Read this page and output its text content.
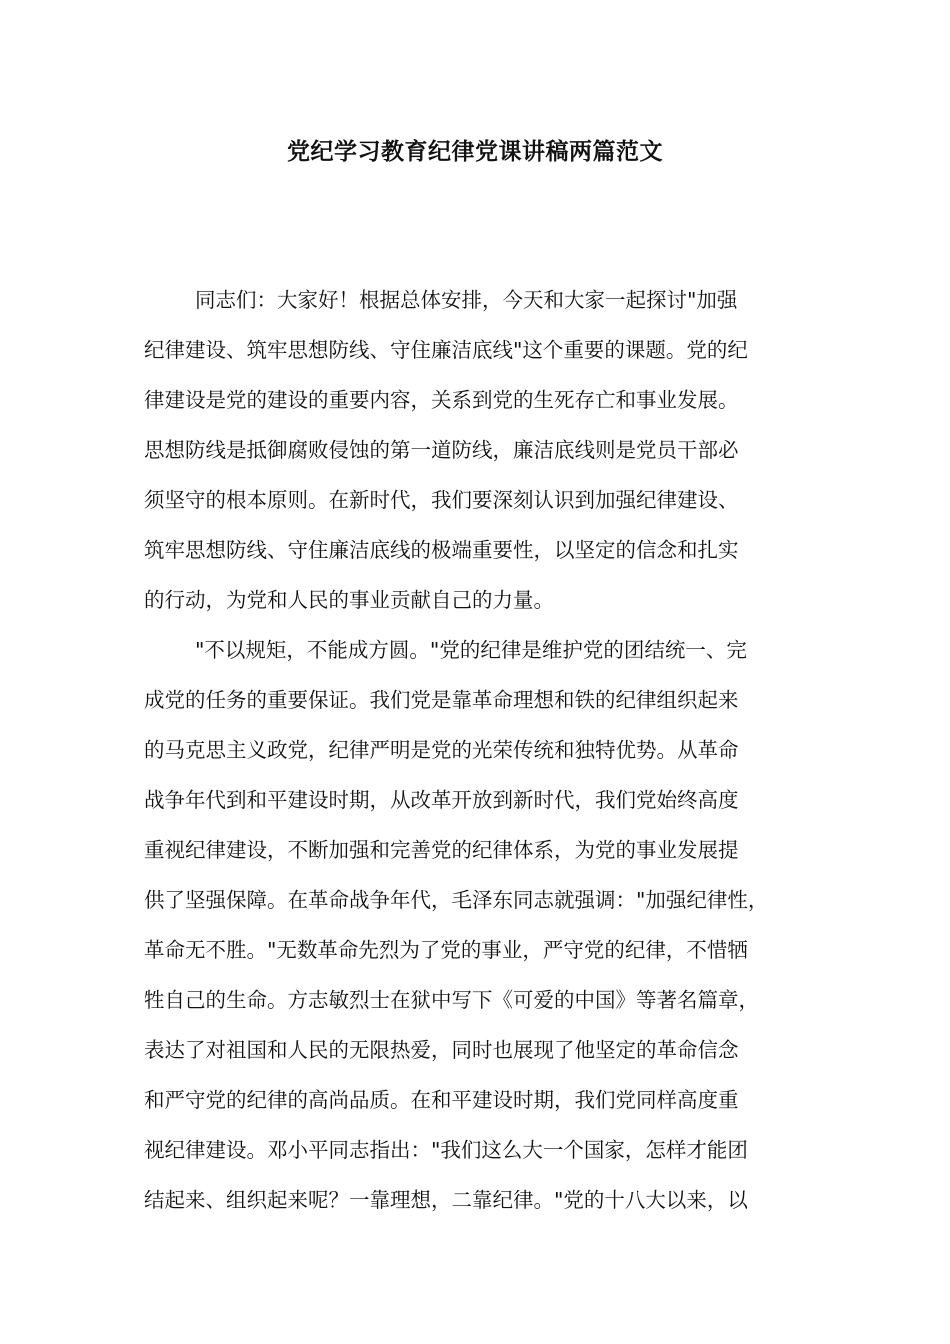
党纪学习教育纪律党课讲稿两篇范文
同志们：大家好！根据总体安排，今天和大家一起探讨"加强
纪律建设、筑牢思想防线、守住廉洁底线"这个重要的课题。党的纪
律建设是党的建设的重要内容，关系到党的生死存亡和事业发展。
思想防线是抵御腐败侵蚀的第一道防线，廉洁底线则是党员干部必
须坚守的根本原则。在新时代，我们要深刻认识到加强纪律建设、
筑牢思想防线、守住廉洁底线的极端重要性，以坚定的信念和扎实
的行动，为党和人民的事业贡献自己的力量。
"不以规矩，不能成方圆。"党的纪律是维护党的团结统一、完
成党的任务的重要保证。我们党是靠革命理想和铁的纪律组织起来
的马克思主义政党，纪律严明是党的光荣传统和独特优势。从革命
战争年代到和平建设时期，从改革开放到新时代，我们党始终高度
重视纪律建设，不断加强和完善党的纪律体系，为党的事业发展提
供了坚强保障。在革命战争年代，毛泽东同志就强调："加强纪律性，
革命无不胜。"无数革命先烈为了党的事业，严守党的纪律，不惜牺
牲自己的生命。方志敏烈士在狱中写下《可爱的中国》等著名篇章，
表达了对祖国和人民的无限热爱，同时也展现了他坚定的革命信念
和严守党的纪律的高尚品质。在和平建设时期，我们党同样高度重
视纪律建设。邓小平同志指出："我们这么大一个国家，怎样才能团
结起来、组织起来呢？一靠理想，二靠纪律。"党的十八大以来，以
